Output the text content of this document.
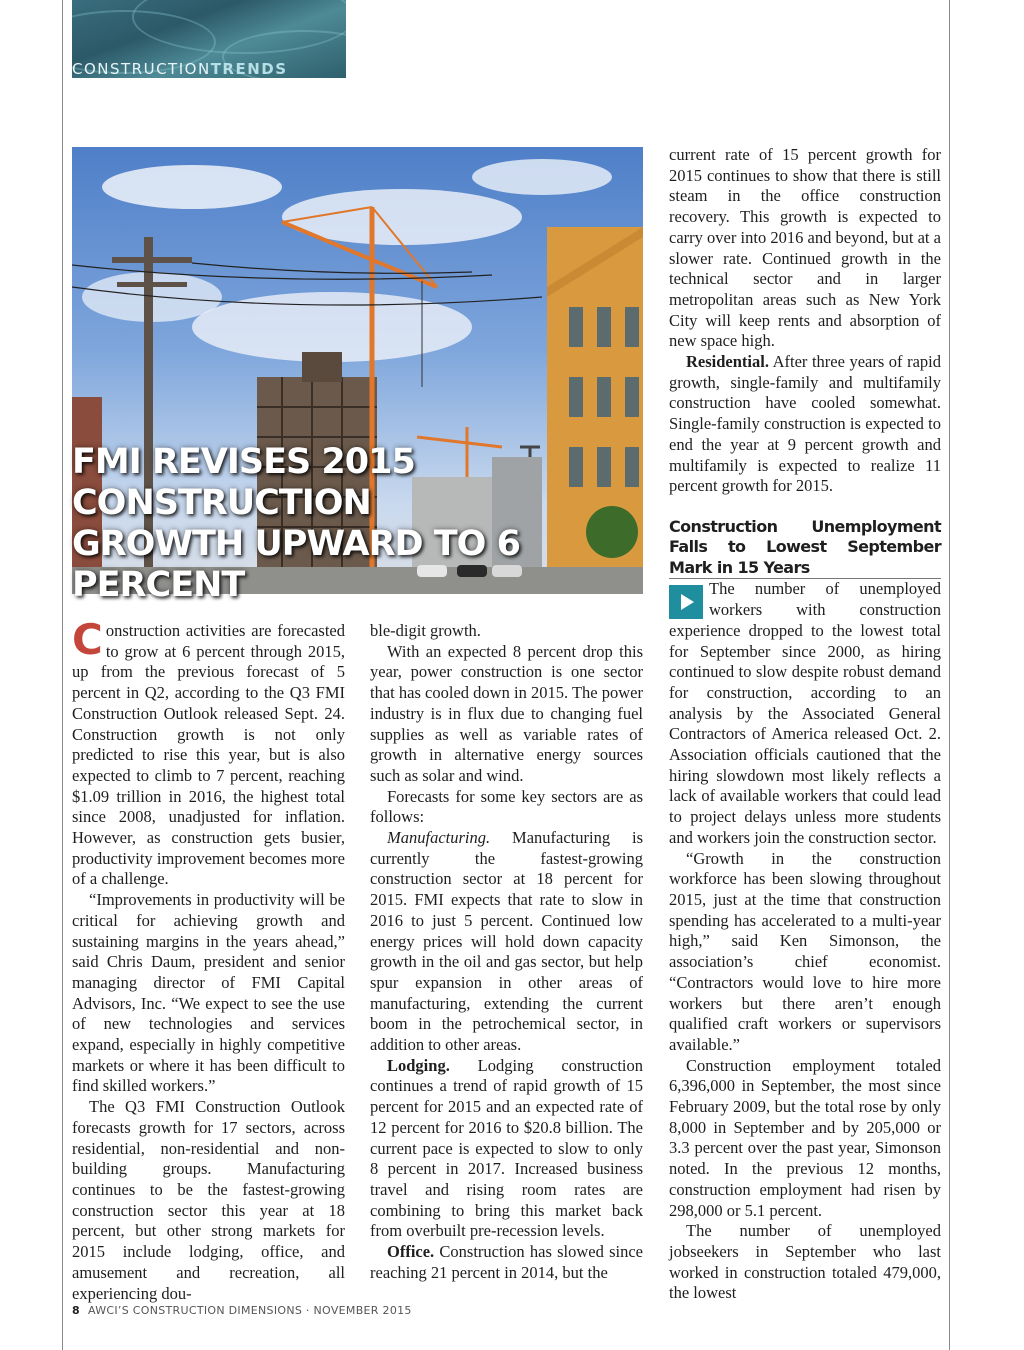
CONSTRUCTIONTRENDS
FMI REVISES 2015 CONSTRUCTION GROWTH UPWARD TO 6 PERCENT

Construction activities are forecasted to grow at 6 percent through 2015, up from the previous forecast of 5 percent in Q2, according to the Q3 FMI Construction Outlook released Sept. 24. Construction growth is not only predicted to rise this year, but is also expected to climb to 7 percent, reaching $1.09 trillion in 2016, the highest total since 2008, unadjusted for inflation. However, as construction gets busier, productivity improvement becomes more of a challenge.

“Improvements in productivity will be critical for achieving growth and sustaining margins in the years ahead,” said Chris Daum, president and senior managing director of FMI Capital Advisors, Inc. “We expect to see the use of new technologies and services expand, especially in highly competitive markets or where it has been difficult to find skilled workers.”

The Q3 FMI Construction Outlook forecasts growth for 17 sectors, across residential, non-residential and non-building groups. Manufacturing continues to be the fastest-growing construction sector this year at 18 percent, but other strong markets for 2015 include lodging, office, and amusement and recreation, all experiencing dou-

ble-digit growth.

With an expected 8 percent drop this year, power construction is one sector that has cooled down in 2015. The power industry is in flux due to changing fuel supplies as well as variable rates of growth in alternative energy sources such as solar and wind.

Forecasts for some key sectors are as follows:

Manufacturing. Manufacturing is currently the fastest-growing construction sector at 18 percent for 2015. FMI expects that rate to slow in 2016 to just 5 percent. Continued low energy prices will hold down capacity growth in the oil and gas sector, but help spur expansion in other areas of manufacturing, extending the current boom in the petrochemical sector, in addition to other areas.

Lodging. Lodging construction continues a trend of rapid growth of 15 percent for 2015 and an expected rate of 12 percent for 2016 to $20.8 billion. The current pace is expected to slow to only 8 percent in 2017. Increased business travel and rising room rates are combining to bring this market back from overbuilt pre-recession levels.

Office. Construction has slowed since reaching 21 percent in 2014, but the

current rate of 15 percent growth for 2015 continues to show that there is still steam in the office construction recovery. This growth is expected to carry over into 2016 and beyond, but at a slower rate. Continued growth in the technical sector and in larger metropolitan areas such as New York City will keep rents and absorption of new space high.

Residential. After three years of rapid growth, single-family and multifamily construction have cooled somewhat. Single-family construction is expected to end the year at 9 percent growth and multifamily is expected to realize 11 percent growth for 2015.

Construction Unemployment Falls to Lowest September Mark in 15 Years

The number of unemployed workers with construction experience dropped to the lowest total for September since 2000, as hiring continued to slow despite robust demand for construction, according to an analysis by the Associated General Contractors of America released Oct. 2. Association officials cautioned that the hiring slowdown most likely reflects a lack of available workers that could lead to project delays unless more students and workers join the construction sector.

“Growth in the construction workforce has been slowing throughout 2015, just at the time that construction spending has accelerated to a multi-year high,” said Ken Simonson, the association’s chief economist. “Contractors would love to hire more workers but there aren’t enough qualified craft workers or supervisors available.”

Construction employment totaled 6,396,000 in September, the most since February 2009, but the total rose by only 8,000 in September and by 205,000 or 3.3 percent over the past year, Simonson noted. In the previous 12 months, construction employment had risen by 298,000 or 5.1 percent.

The number of unemployed jobseekers in September who last worked in construction totaled 479,000, the lowest

8 AWCI’S CONSTRUCTION DIMENSIONS · NOVEMBER 2015
